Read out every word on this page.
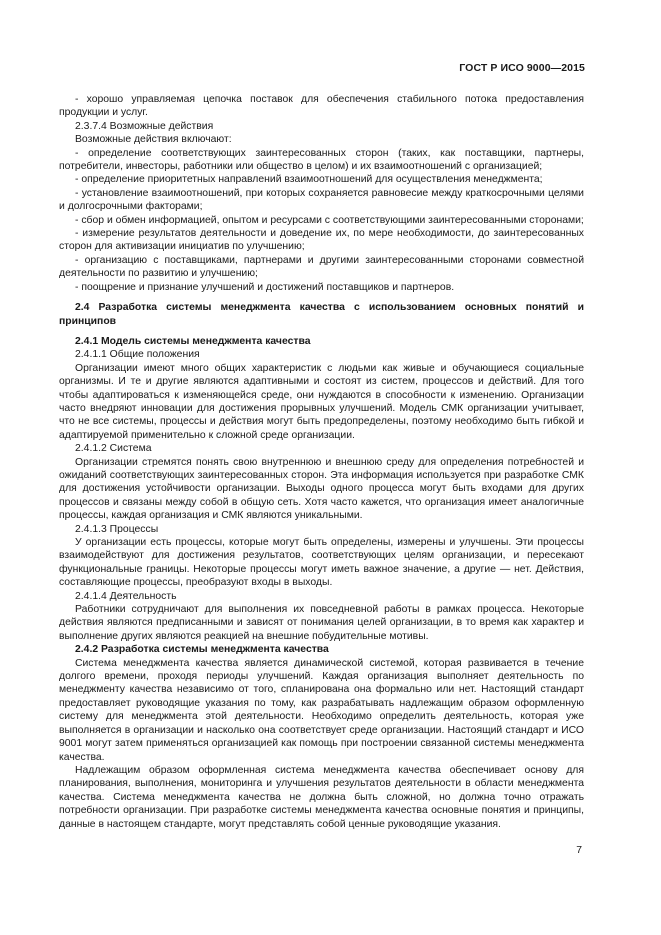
ГОСТ Р ИСО 9000—2015

- хорошо управляемая цепочка поставок для обеспечения стабильного потока предоставления продукции и услуг.

2.3.7.4 Возможные действия

Возможные действия включают:

- определение соответствующих заинтересованных сторон (таких, как поставщики, партнеры, потребители, инвесторы, работники или общество в целом) и их взаимоотношений с организацией;

- определение приоритетных направлений взаимоотношений для осуществления менеджмента;

- установление взаимоотношений, при которых сохраняется равновесие между краткосрочными целями и долгосрочными факторами;

- сбор и обмен информацией, опытом и ресурсами с соответствующими заинтересованными сторонами;

- измерение результатов деятельности и доведение их, по мере необходимости, до заинтересованных сторон для активизации инициатив по улучшению;

- организацию с поставщиками, партнерами и другими заинтересованными сторонами совместной деятельности по развитию и улучшению;

- поощрение и признание улучшений и достижений поставщиков и партнеров.

2.4 Разработка системы менеджмента качества с использованием основных понятий и принципов

2.4.1 Модель системы менеджмента качества

2.4.1.1 Общие положения

Организации имеют много общих характеристик с людьми как живые и обучающиеся социальные организмы. И те и другие являются адаптивными и состоят из систем, процессов и действий. Для того чтобы адаптироваться к изменяющейся среде, они нуждаются в способности к изменению. Организации часто внедряют инновации для достижения прорывных улучшений. Модель СМК организации учитывает, что не все системы, процессы и действия могут быть предопределены, поэтому необходимо быть гибкой и адаптируемой применительно к сложной среде организации.

2.4.1.2 Система

Организации стремятся понять свою внутреннюю и внешнюю среду для определения потребностей и ожиданий соответствующих заинтересованных сторон. Эта информация используется при разработке СМК для достижения устойчивости организации. Выходы одного процесса могут быть входами для других процессов и связаны между собой в общую сеть. Хотя часто кажется, что организация имеет аналогичные процессы, каждая организация и СМК являются уникальными.

2.4.1.3 Процессы

У организации есть процессы, которые могут быть определены, измерены и улучшены. Эти процессы взаимодействуют для достижения результатов, соответствующих целям организации, и пересекают функциональные границы. Некоторые процессы могут иметь важное значение, а другие — нет. Действия, составляющие процессы, преобразуют входы в выходы.

2.4.1.4 Деятельность

Работники сотрудничают для выполнения их повседневной работы в рамках процесса. Некоторые действия являются предписанными и зависят от понимания целей организации, в то время как характер и выполнение других являются реакцией на внешние побудительные мотивы.

2.4.2 Разработка системы менеджмента качества

Система менеджмента качества является динамической системой, которая развивается в течение долгого времени, проходя периоды улучшений. Каждая организация выполняет деятельность по менеджменту качества независимо от того, спланирована она формально или нет. Настоящий стандарт предоставляет руководящие указания по тому, как разрабатывать надлежащим образом оформленную систему для менеджмента этой деятельности. Необходимо определить деятельность, которая уже выполняется в организации и насколько она соответствует среде организации. Настоящий стандарт и ИСО 9001 могут затем применяться организацией как помощь при построении связанной системы менеджмента качества.

Надлежащим образом оформленная система менеджмента качества обеспечивает основу для планирования, выполнения, мониторинга и улучшения результатов деятельности в области менеджмента качества. Система менеджмента качества не должна быть сложной, но должна точно отражать потребности организации. При разработке системы менеджмента качества основные понятия и принципы, данные в настоящем стандарте, могут представлять собой ценные руководящие указания.

7
